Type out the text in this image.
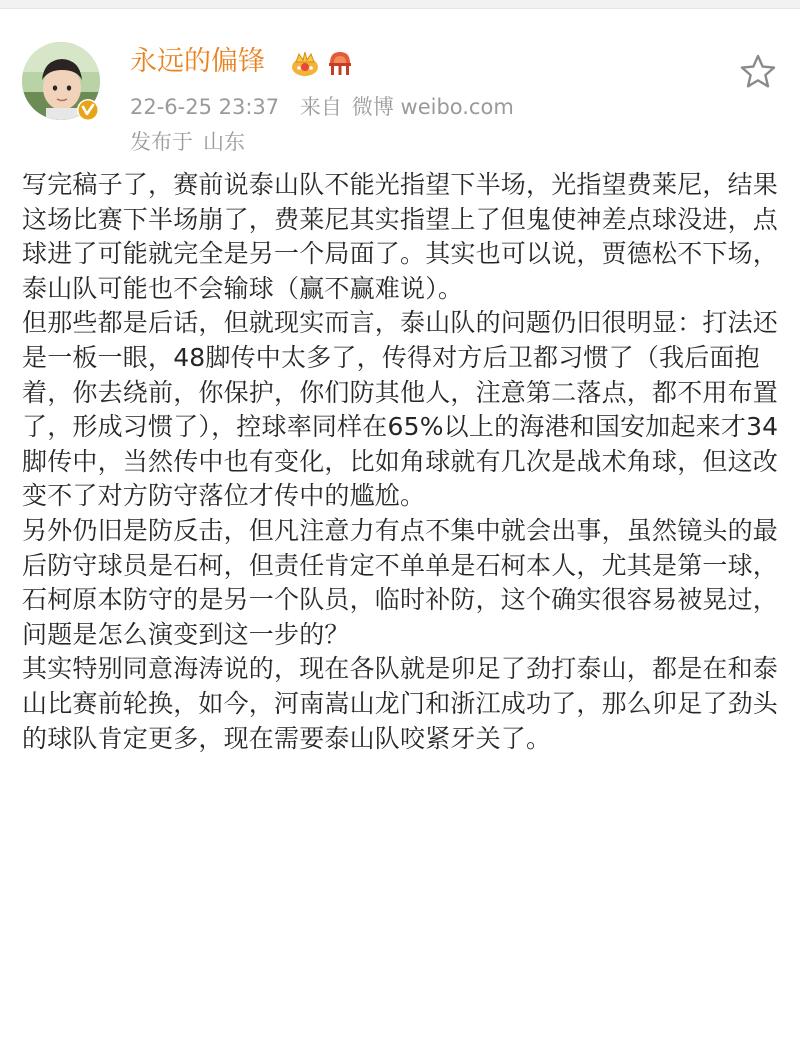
永远的偏锋

22-6-25 23:37 来自 微博 weibo.com
发布于 山东

写完稿子了，赛前说泰山队不能光指望下半场，光指望费莱尼，结果这场比赛下半场崩了，费莱尼其实指望上了但鬼使神差点球没进，点球进了可能就完全是另一个局面了。其实也可以说，贾德松不下场，泰山队可能也不会输球（赢不赢难说）。

但那些都是后话，但就现实而言，泰山队的问题仍旧很明显：打法还是一板一眼，48脚传中太多了，传得对方后卫都习惯了（我后面抱着，你去绕前，你保护，你们防其他人，注意第二落点，都不用布置了，形成习惯了），控球率同样在65%以上的海港和国安加起来才34脚传中，当然传中也有变化，比如角球就有几次是战术角球，但这改变不了对方防守落位才传中的尴尬。

另外仍旧是防反击，但凡注意力有点不集中就会出事，虽然镜头的最后防守球员是石柯，但责任肯定不单单是石柯本人，尤其是第一球，石柯原本防守的是另一个队员，临时补防，这个确实很容易被晃过，问题是怎么演变到这一步的？

其实特别同意海涛说的，现在各队就是卯足了劲打泰山，都是在和泰山比赛前轮换，如今，河南嵩山龙门和浙江成功了，那么卯足了劲头的球队肯定更多，现在需要泰山队咬紧牙关了。
